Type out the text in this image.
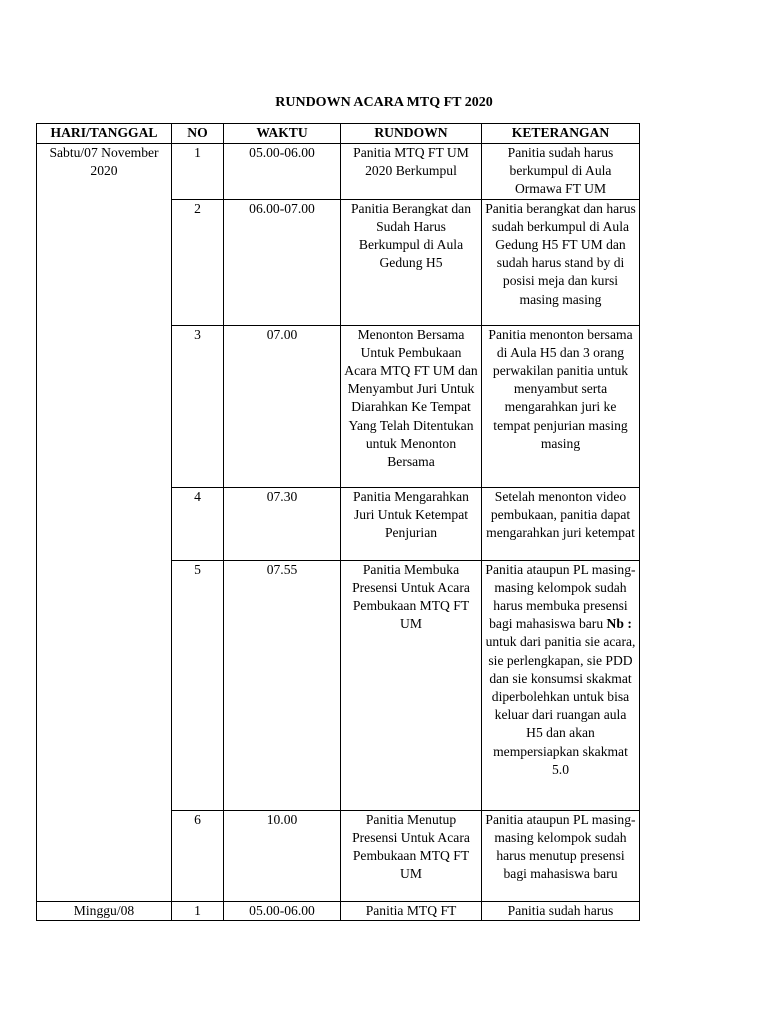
RUNDOWN ACARA MTQ FT 2020
HARI/TANGGAL	NO	WAKTU	RUNDOWN	KETERANGAN
Sabtu/07 November 2020	1	05.00-06.00	Panitia MTQ FT UM 2020 Berkumpul	Panitia sudah harus berkumpul di Aula Ormawa FT UM
	2	06.00-07.00	Panitia Berangkat dan Sudah Harus Berkumpul di Aula Gedung H5	Panitia berangkat dan harus sudah berkumpul di Aula Gedung H5 FT UM dan sudah harus stand by di posisi meja dan kursi masing masing
	3	07.00	Menonton Bersama Untuk Pembukaan Acara MTQ FT UM dan Menyambut Juri Untuk Diarahkan Ke Tempat Yang Telah Ditentukan untuk Menonton Bersama	Panitia menonton bersama di Aula H5 dan 3 orang perwakilan panitia untuk menyambut serta mengarahkan juri ke tempat penjurian masing masing
	4	07.30	Panitia Mengarahkan Juri Untuk Ketempat Penjurian	Setelah menonton video pembukaan, panitia dapat mengarahkan juri ketempat
	5	07.55	Panitia Membuka Presensi Untuk Acara Pembukaan MTQ FT UM	Panitia ataupun PL masing-masing kelompok sudah harus membuka presensi bagi mahasiswa baru Nb : untuk dari panitia sie acara, sie perlengkapan, sie PDD dan sie konsumsi skakmat diperbolehkan untuk bisa keluar dari ruangan aula H5 dan akan mempersiapkan skakmat 5.0
	6	10.00	Panitia Menutup Presensi Untuk Acara Pembukaan MTQ FT UM	Panitia ataupun PL masing-masing kelompok sudah harus menutup presensi bagi mahasiswa baru
Minggu/08	1	05.00-06.00	Panitia MTQ FT	Panitia sudah harus
